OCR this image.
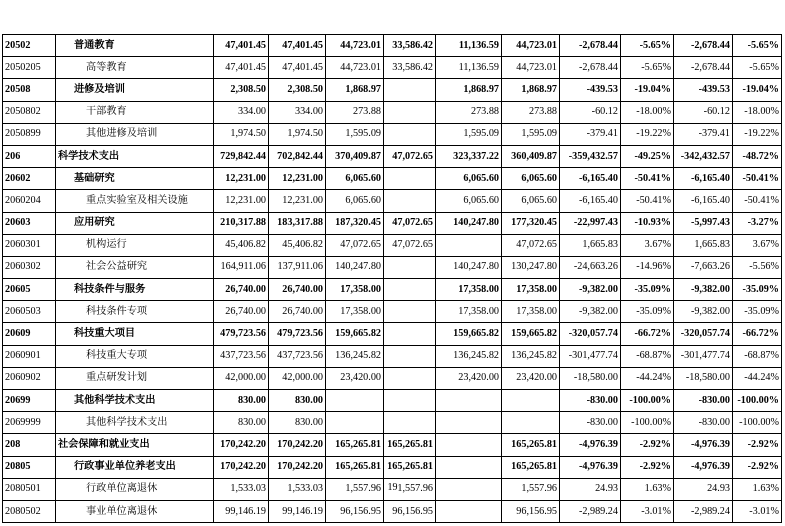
20502	普通教育	47,401.45	47,401.45	44,723.01	33,586.42	11,136.59	44,723.01	-2,678.44	-5.65%	-2,678.44	-5.65%
2050205	高等教育	47,401.45	47,401.45	44,723.01	33,586.42	11,136.59	44,723.01	-2,678.44	-5.65%	-2,678.44	-5.65%
20508	进修及培训	2,308.50	2,308.50	1,868.97		1,868.97	1,868.97	-439.53	-19.04%	-439.53	-19.04%
2050802	干部教育	334.00	334.00	273.88		273.88	273.88	-60.12	-18.00%	-60.12	-18.00%
2050899	其他进修及培训	1,974.50	1,974.50	1,595.09		1,595.09	1,595.09	-379.41	-19.22%	-379.41	-19.22%
206	科学技术支出	729,842.44	702,842.44	370,409.87	47,072.65	323,337.22	360,409.87	-359,432.57	-49.25%	-342,432.57	-48.72%
20602	基础研究	12,231.00	12,231.00	6,065.60		6,065.60	6,065.60	-6,165.40	-50.41%	-6,165.40	-50.41%
2060204	重点实验室及相关设施	12,231.00	12,231.00	6,065.60		6,065.60	6,065.60	-6,165.40	-50.41%	-6,165.40	-50.41%
20603	应用研究	210,317.88	183,317.88	187,320.45	47,072.65	140,247.80	177,320.45	-22,997.43	-10.93%	-5,997.43	-3.27%
2060301	机构运行	45,406.82	45,406.82	47,072.65	47,072.65		47,072.65	1,665.83	3.67%	1,665.83	3.67%
2060302	社会公益研究	164,911.06	137,911.06	140,247.80		140,247.80	130,247.80	-24,663.26	-14.96%	-7,663.26	-5.56%
20605	科技条件与服务	26,740.00	26,740.00	17,358.00		17,358.00	17,358.00	-9,382.00	-35.09%	-9,382.00	-35.09%
2060503	科技条件专项	26,740.00	26,740.00	17,358.00		17,358.00	17,358.00	-9,382.00	-35.09%	-9,382.00	-35.09%
20609	科技重大项目	479,723.56	479,723.56	159,665.82		159,665.82	159,665.82	-320,057.74	-66.72%	-320,057.74	-66.72%
2060901	科技重大专项	437,723.56	437,723.56	136,245.82		136,245.82	136,245.82	-301,477.74	-68.87%	-301,477.74	-68.87%
2060902	重点研发计划	42,000.00	42,000.00	23,420.00		23,420.00	23,420.00	-18,580.00	-44.24%	-18,580.00	-44.24%
20699	其他科学技术支出	830.00	830.00					-830.00	-100.00%	-830.00	-100.00%
2069999	其他科学技术支出	830.00	830.00					-830.00	-100.00%	-830.00	-100.00%
208	社会保障和就业支出	170,242.20	170,242.20	165,265.81	165,265.81		165,265.81	-4,976.39	-2.92%	-4,976.39	-2.92%
20805	行政事业单位养老支出	170,242.20	170,242.20	165,265.81	165,265.81		165,265.81	-4,976.39	-2.92%	-4,976.39	-2.92%
2080501	行政单位离退休	1,533.03	1,533.03	1,557.96	1,557.96		1,557.96	24.93	1.63%	24.93	1.63%
2080502	事业单位离退休	99,146.19	99,146.19	96,156.95	96,156.95		96,156.95	-2,989.24	-3.01%	-2,989.24	-3.01%
19
